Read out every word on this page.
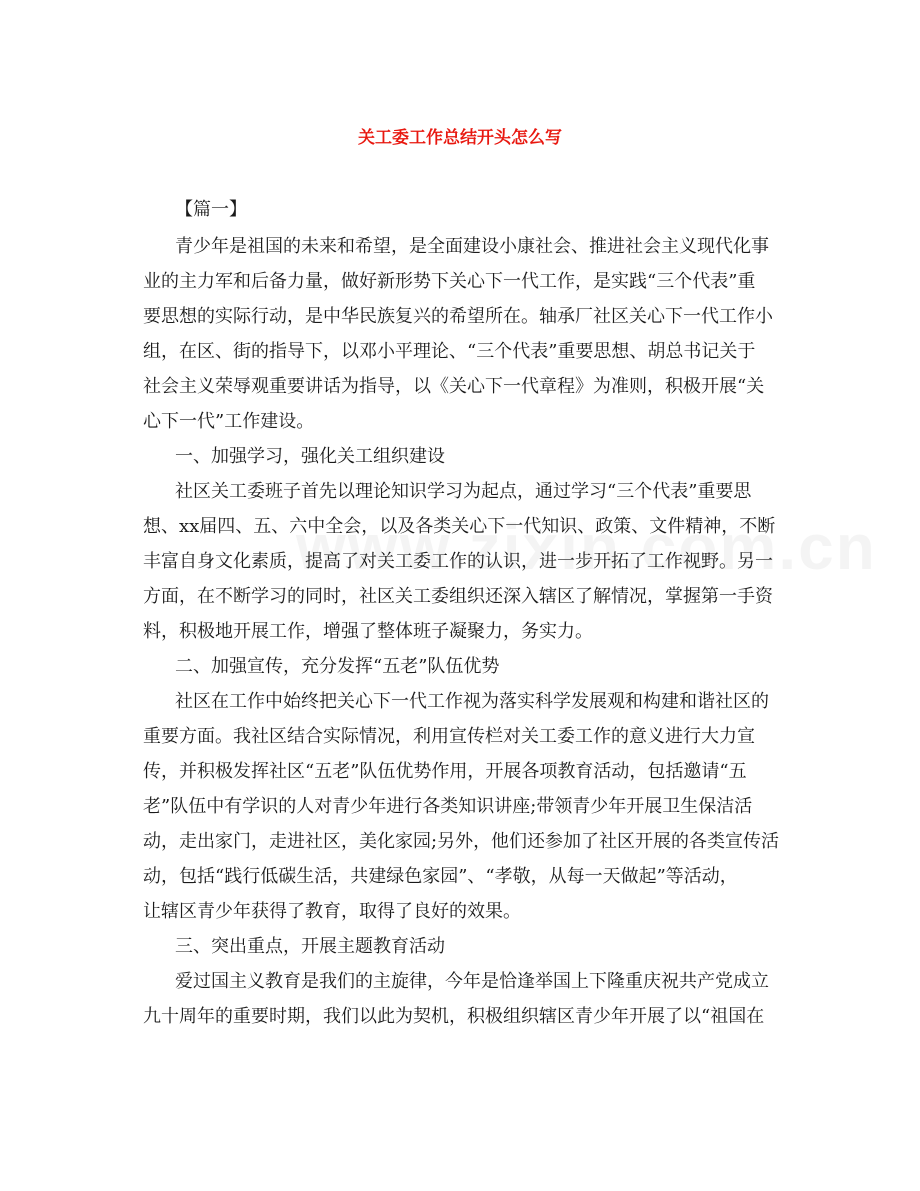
关工委工作总结开头怎么写
【篇一】
青少年是祖国的未来和希望，是全面建设小康社会、推进社会主义现代化事
业的主力军和后备力量，做好新形势下关心下一代工作，是实践“三个代表”重
要思想的实际行动，是中华民族复兴的希望所在。轴承厂社区关心下一代工作小
组，在区、街的指导下，以邓小平理论、“三个代表”重要思想、胡总书记关于
社会主义荣辱观重要讲话为指导，以《关心下一代章程》为准则，积极开展“关
心下一代”工作建设。
一、加强学习，强化关工组织建设
社区关工委班子首先以理论知识学习为起点，通过学习“三个代表”重要思
想、xx届四、五、六中全会，以及各类关心下一代知识、政策、文件精神，不断
丰富自身文化素质，提高了对关工委工作的认识，进一步开拓了工作视野。另一
方面，在不断学习的同时，社区关工委组织还深入辖区了解情况，掌握第一手资
料，积极地开展工作，增强了整体班子凝聚力，务实力。
二、加强宣传，充分发挥“五老”队伍优势
社区在工作中始终把关心下一代工作视为落实科学发展观和构建和谐社区的
重要方面。我社区结合实际情况，利用宣传栏对关工委工作的意义进行大力宣
传，并积极发挥社区“五老”队伍优势作用，开展各项教育活动，包括邀请“五
老”队伍中有学识的人对青少年进行各类知识讲座;带领青少年开展卫生保洁活
动，走出家门，走进社区，美化家园;另外，他们还参加了社区开展的各类宣传活
动，包括“践行低碳生活，共建绿色家园”、“孝敬，从每一天做起”等活动，
让辖区青少年获得了教育，取得了良好的效果。
三、突出重点，开展主题教育活动
爱过国主义教育是我们的主旋律，今年是恰逢举国上下隆重庆祝共产党成立
九十周年的重要时期，我们以此为契机，积极组织辖区青少年开展了以“祖国在
